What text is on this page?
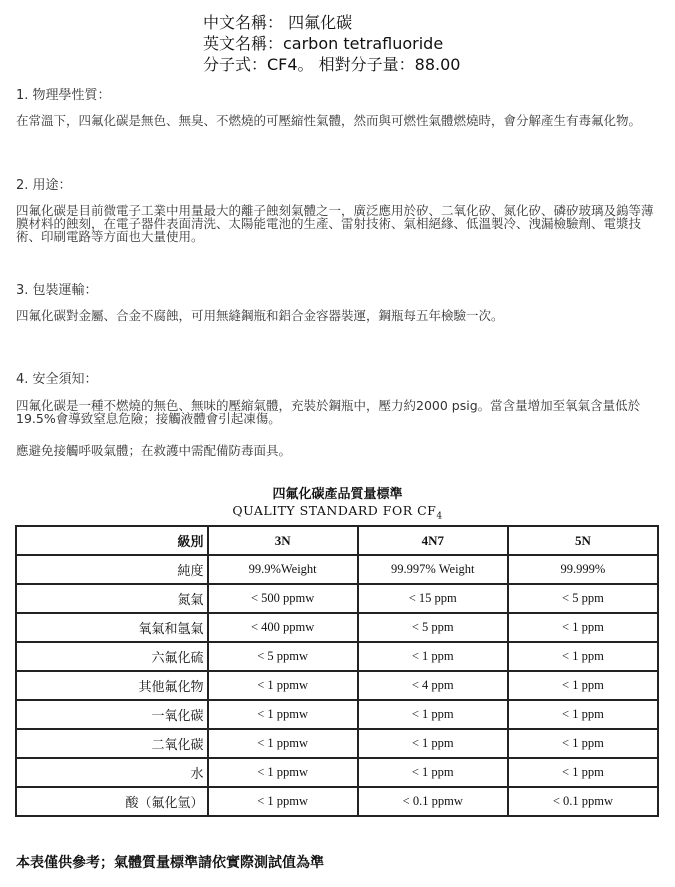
中文名稱： 四氟化碳
英文名稱：carbon tetrafluoride
分子式：CF4。 相對分子量：88.00
1. 物理學性質：
在常溫下，四氟化碳是無色、無臭、不燃燒的可壓縮性氣體，然而與可燃性氣體燃燒時，會分解產生有毒氟化物。
2. 用途：
四氟化碳是目前微電子工業中用量最大的離子蝕刻氣體之一，廣泛應用於矽、二氧化矽、氮化矽、磷矽玻璃及鎢等薄膜材料的蝕刻，在電子器件表面清洗、太陽能電池的生產、雷射技術、氣相絕緣、低溫製冷、洩漏檢驗劑、電漿技術、印刷電路等方面也大量使用。
3. 包裝運輸：
四氟化碳對金屬、合金不腐蝕，可用無縫鋼瓶和鋁合金容器裝運，鋼瓶每五年檢驗一次。
4. 安全須知：
四氟化碳是一種不燃燒的無色、無味的壓縮氣體，充裝於鋼瓶中，壓力約2000 psig。當含量增加至氧氣含量低於19.5%會導致窒息危險；接觸液體會引起凍傷。
應避免接觸呼吸氣體；在救護中需配備防毒面具。
四氟化碳產品質量標準
QUALITY STANDARD FOR $CF_4$
級別	3N	4N7	5N
純度	99.9%Weight	99.997% Weight	99.999%
氮氣	< 500 ppmw	< 15 ppm	< 5 ppm
氧氣和氬氣	< 400 ppmw	< 5 ppm	< 1 ppm
六氟化硫	< 5 ppmw	< 1 ppm	< 1 ppm
其他氟化物	< 1 ppmw	< 4 ppm	< 1 ppm
一氧化碳	< 1 ppmw	< 1 ppm	< 1 ppm
二氧化碳	< 1 ppmw	< 1 ppm	< 1 ppm
水	< 1 ppmw	< 1 ppm	< 1 ppm
酸（氟化氫）	< 1 ppmw	< 0.1 ppmw	< 0.1 ppmw
本表僅供參考；氣體質量標準請依實際測試值為準
